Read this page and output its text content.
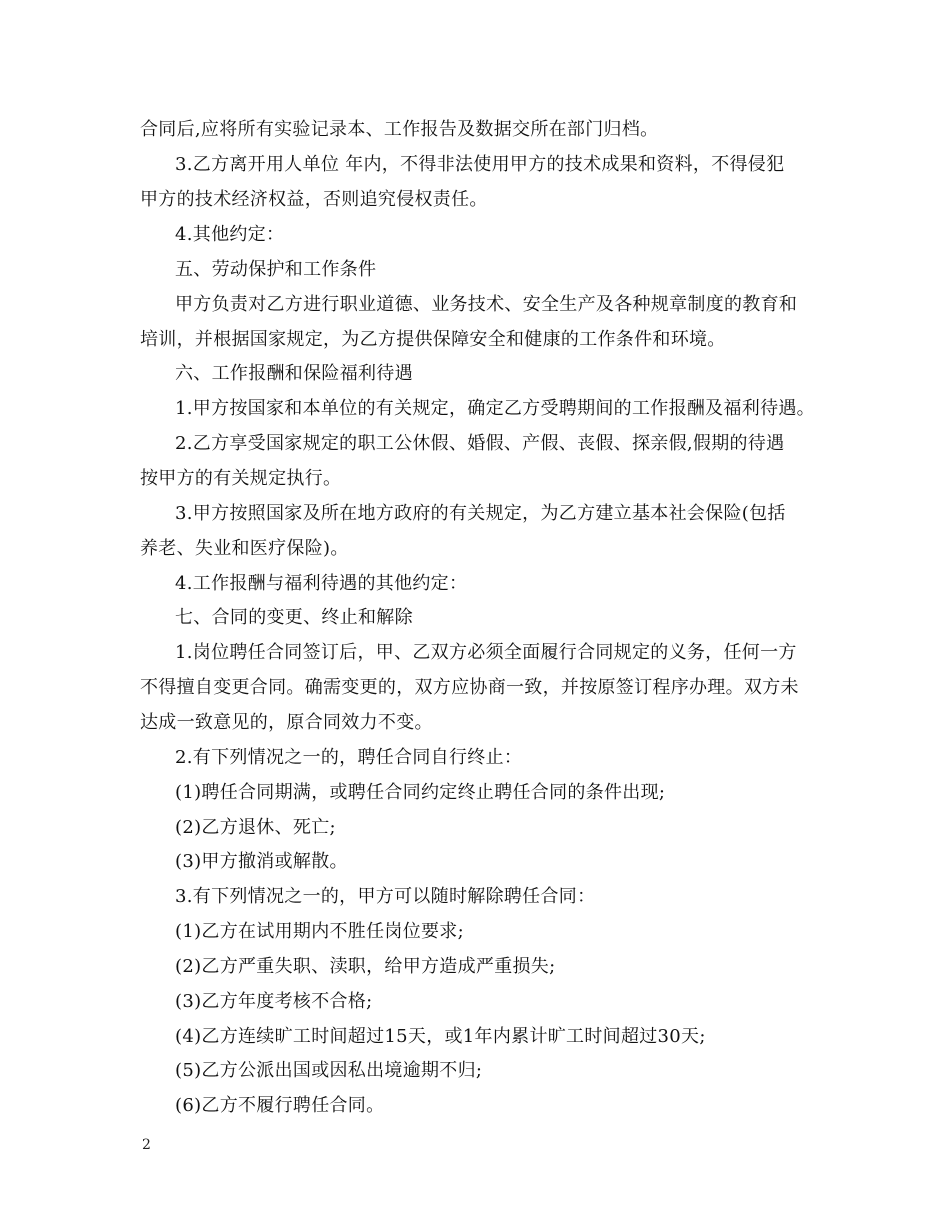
合同后,应将所有实验记录本、工作报告及数据交所在部门归档。
3.乙方离开用人单位 年内，不得非法使用甲方的技术成果和资料，不得侵犯
甲方的技术经济权益，否则追究侵权责任。
4.其他约定：
五、劳动保护和工作条件
甲方负责对乙方进行职业道德、业务技术、安全生产及各种规章制度的教育和
培训，并根据国家规定，为乙方提供保障安全和健康的工作条件和环境。
六、工作报酬和保险福利待遇
1.甲方按国家和本单位的有关规定，确定乙方受聘期间的工作报酬及福利待遇。
2.乙方享受国家规定的职工公休假、婚假、产假、丧假、探亲假,假期的待遇
按甲方的有关规定执行。
3.甲方按照国家及所在地方政府的有关规定，为乙方建立基本社会保险(包括
养老、失业和医疗保险)。
4.工作报酬与福利待遇的其他约定：
七、合同的变更、终止和解除
1.岗位聘任合同签订后，甲、乙双方必须全面履行合同规定的义务，任何一方
不得擅自变更合同。确需变更的，双方应协商一致，并按原签订程序办理。双方未
达成一致意见的，原合同效力不变。
2.有下列情况之一的，聘任合同自行终止：
(1)聘任合同期满，或聘任合同约定终止聘任合同的条件出现;
(2)乙方退休、死亡;
(3)甲方撤消或解散。
3.有下列情况之一的，甲方可以随时解除聘任合同：
(1)乙方在试用期内不胜任岗位要求;
(2)乙方严重失职、渎职，给甲方造成严重损失;
(3)乙方年度考核不合格;
(4)乙方连续旷工时间超过15天，或1年内累计旷工时间超过30天;
(5)乙方公派出国或因私出境逾期不归;
(6)乙方不履行聘任合同。
2
